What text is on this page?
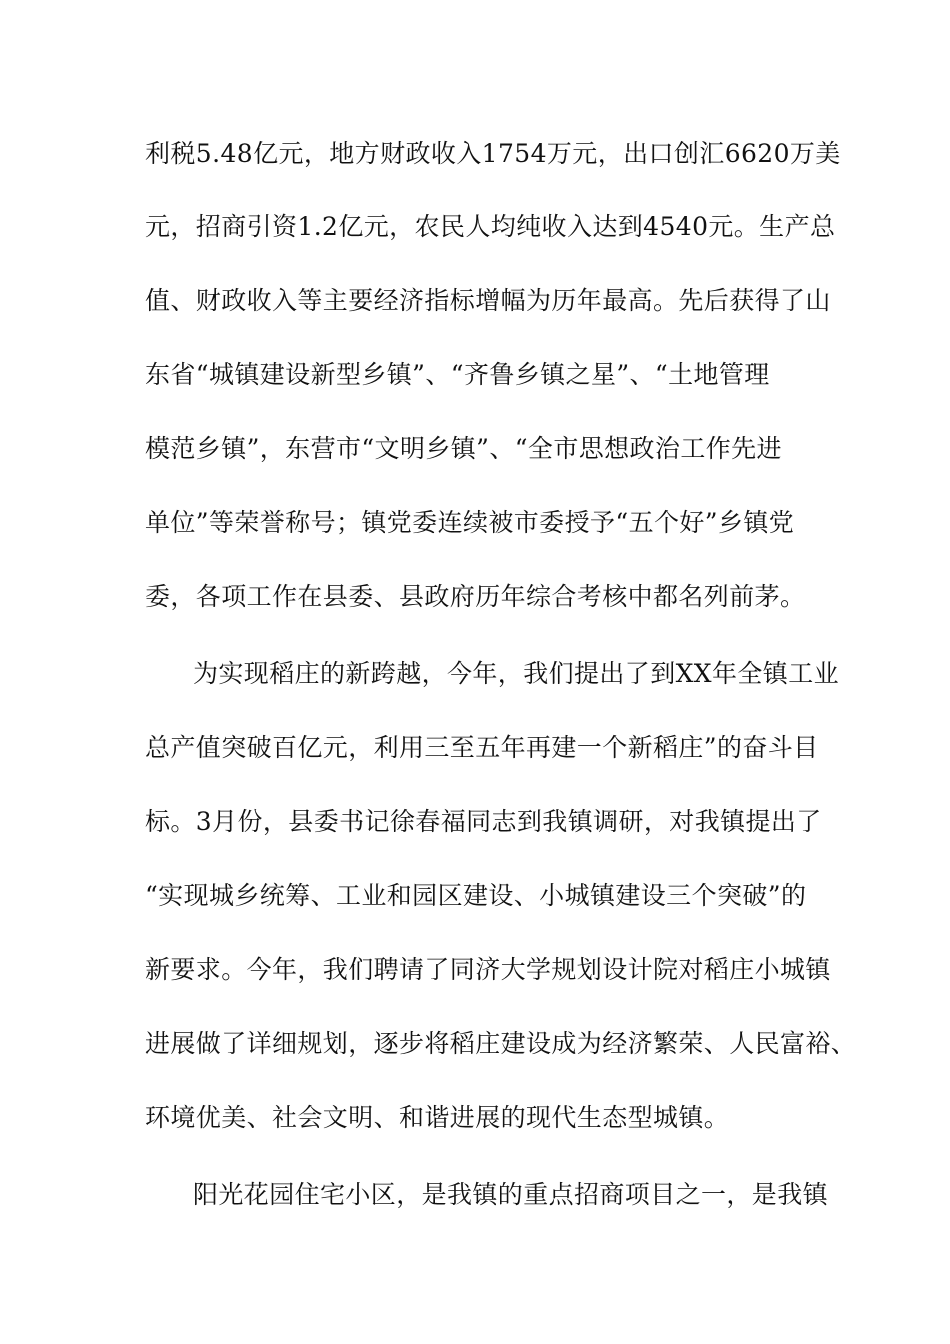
利税5.48亿元，地方财政收入1754万元，出口创汇6620万美
元，招商引资1.2亿元，农民人均纯收入达到4540元。生产总
值、财政收入等主要经济指标增幅为历年最高。先后获得了山
东省“城镇建设新型乡镇”、“齐鲁乡镇之星”、“土地管理
模范乡镇”，东营市“文明乡镇”、“全市思想政治工作先进
单位”等荣誉称号；镇党委连续被市委授予“五个好”乡镇党
委，各项工作在县委、县政府历年综合考核中都名列前茅。
为实现稻庄的新跨越，今年，我们提出了到XX年全镇工业
总产值突破百亿元，利用三至五年再建一个新稻庄”的奋斗目
标。3月份，县委书记徐春福同志到我镇调研，对我镇提出了
“实现城乡统筹、工业和园区建设、小城镇建设三个突破”的
新要求。今年，我们聘请了同济大学规划设计院对稻庄小城镇
进展做了详细规划，逐步将稻庄建设成为经济繁荣、人民富裕、
环境优美、社会文明、和谐进展的现代生态型城镇。
阳光花园住宅小区，是我镇的重点招商项目之一，是我镇
